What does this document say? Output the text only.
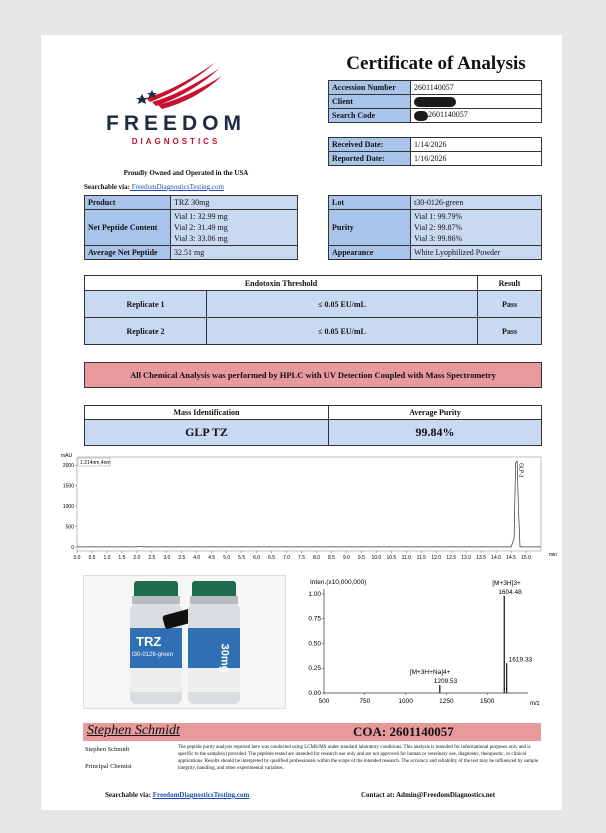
FREEDOM
DIAGNOSTICS
Proudly Owned and Operated in the USA
Searchable via: FreedomDiagnosticsTesting.com
Certificate of Analysis
Accession Number	2601140057
Client	
Search Code	2601140057
Received Date:	1/14/2026
Reported Date:	1/16/2026
Product	TRZ 30mg
Net Peptide Content	Vial 1: 32.99 mg
Vial 2: 31.49 mg
Vial 3: 33.06 mg

Average Net Peptide	32.51 mg
Lot	t30-0126-green
Purity	Vial 1: 99.79%
Vial 2: 99.87%
Vial 3: 99.86%

Appearance	White Lyophilized Powder
Endotoxin Threshold		Result
Replicate 1	≤ 0.05 EU/mL	Pass
Replicate 2	≤ 0.05 EU/mL	Pass
All Chemical Analysis was performed by HPLC with UV Detection Coupled with Mass Spectrometry
Mass Identification	Average Purity
GLP TZ	99.84%
mAU
min
1:214nm,4nm
0
500
1000
1500
2000
0.0 0.5 1.0 1.5 2.0 2.5 3.0 3.5 4.0 4.5 5.0 5.5 6.0 6.5 7.0 7.5 8.0 8.5 9.0 9.5 10.0 10.5 11.0 11.5 12.0 12.5 13.0 13.5 14.0 14.5 15.0
GLP-1
TRZ
t30-0126-green	30mg
Inten.(x10,000,000)
m/z
0.00
0.25
0.50
0.75
1.00
500	750	1000	1250	1500
1209.53
[M+3H+Na]4+
1604.48
[M+3H]3+
1619.33
Stephen Schmidt	COA: 2601140057
Stephen Schmidt
Principal Chemist
The peptide purity analysis reported here was conducted using LCMS/MS under standard laboratory conditions. This analysis is intended for informational purposes only and is specific to the sample(s) provided. The peptides tested are intended for research use only and are not approved for human or veterinary use, diagnostic, therapeutic, or clinical applications. Results should be interpreted by qualified professionals within the scope of the intended research. The accuracy and reliability of the test may be influenced by sample integrity, handling, and other experimental variables.
Searchable via: FreedomDiagnosticsTesting.com	Contact at: Admin@FreedomDiagnostics.net
